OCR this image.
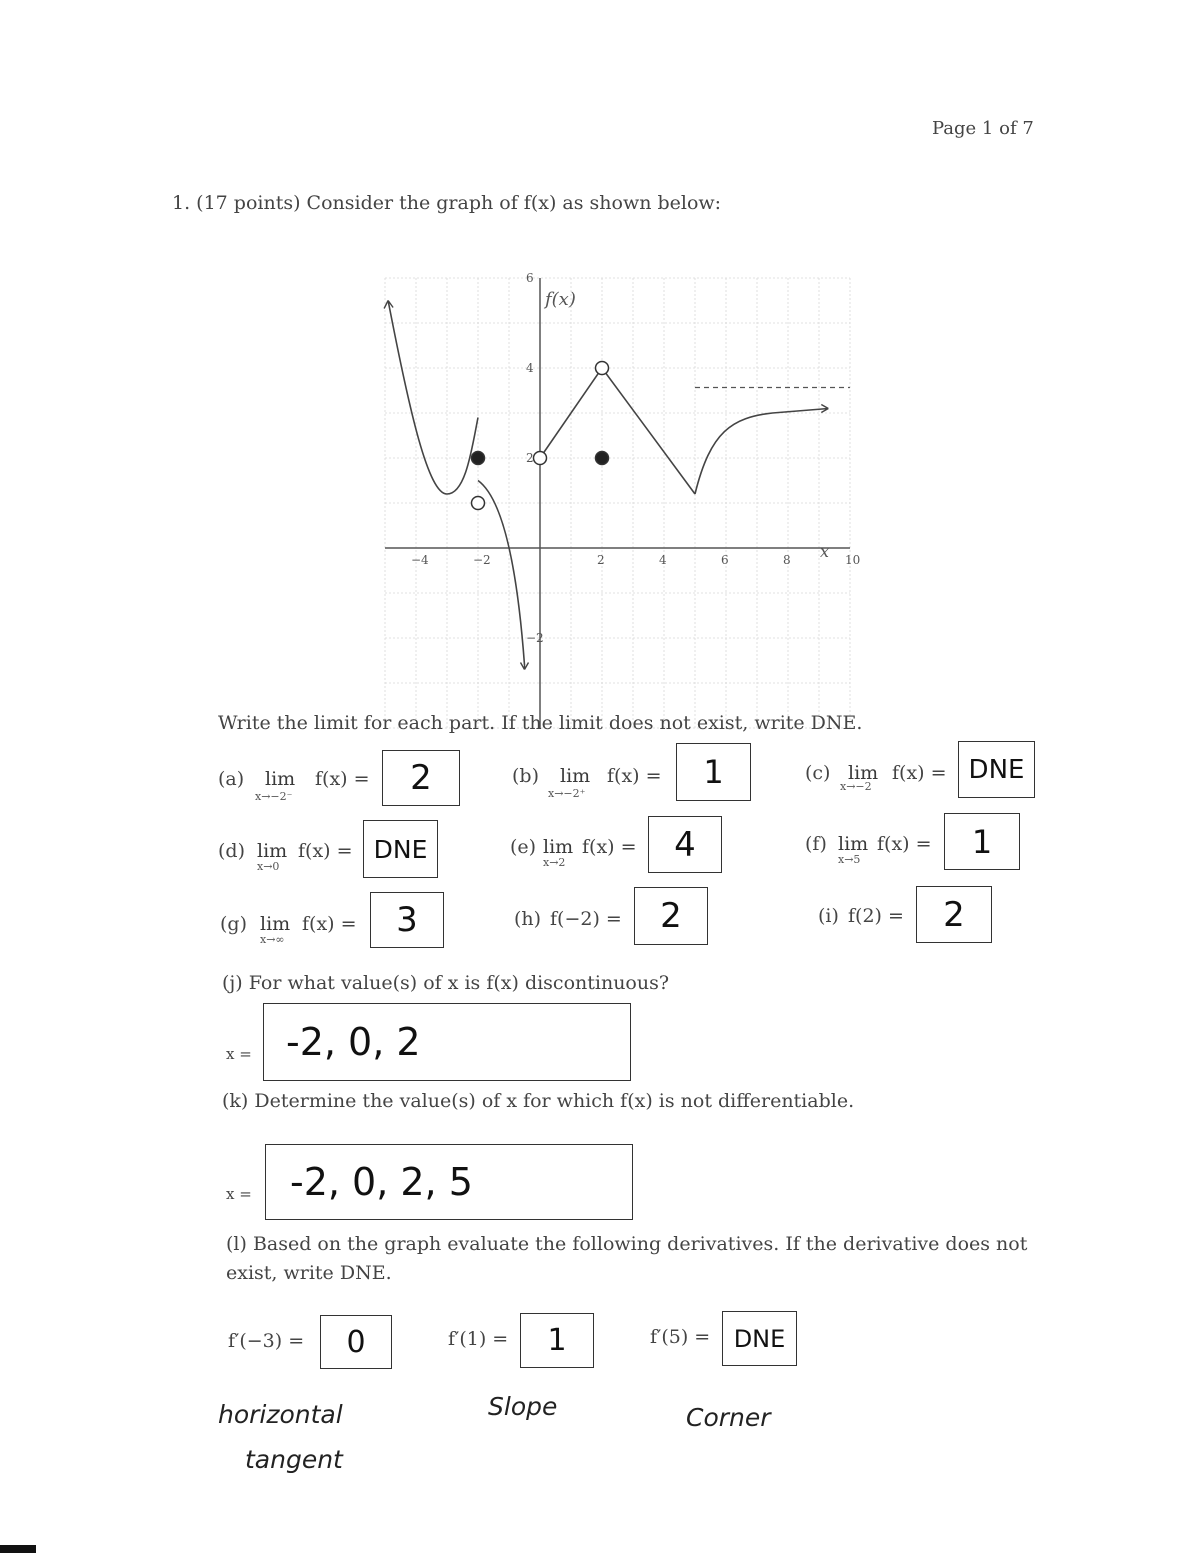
Page 1 of 7
1. (17 points) Consider the graph of f(x) as shown below:
−4	−2	2	4	6	8	10
6
4
2
−2
f(x)
x
Write the limit for each part. If the limit does not exist, write DNE.
(a) lim
x→−2⁻
f(x) = 2	(b) lim
x→−2⁺
f(x) = 1	(c) lim
x→−2
f(x) = DNE
(d) lim
x→0
f(x) = DNE	(e) lim
x→2
f(x) = 4	(f) lim
x→5
f(x) = 1
(g) lim
x→∞
f(x) = 3	(h) f(−2) = 2	(i) f(2) = 2
(j) For what value(s) of x is f(x) discontinuous?
x = -2, 0, 2
(k) Determine the value(s) of x for which f(x) is not differentiable.
x = -2, 0, 2, 5
(l) Based on the graph evaluate the following derivatives. If the derivative does not exist, write DNE.
f′(−3) = 0	f′(1) = 1	f′(5) = DNE
horizontal
tangent
Slope	Corner
